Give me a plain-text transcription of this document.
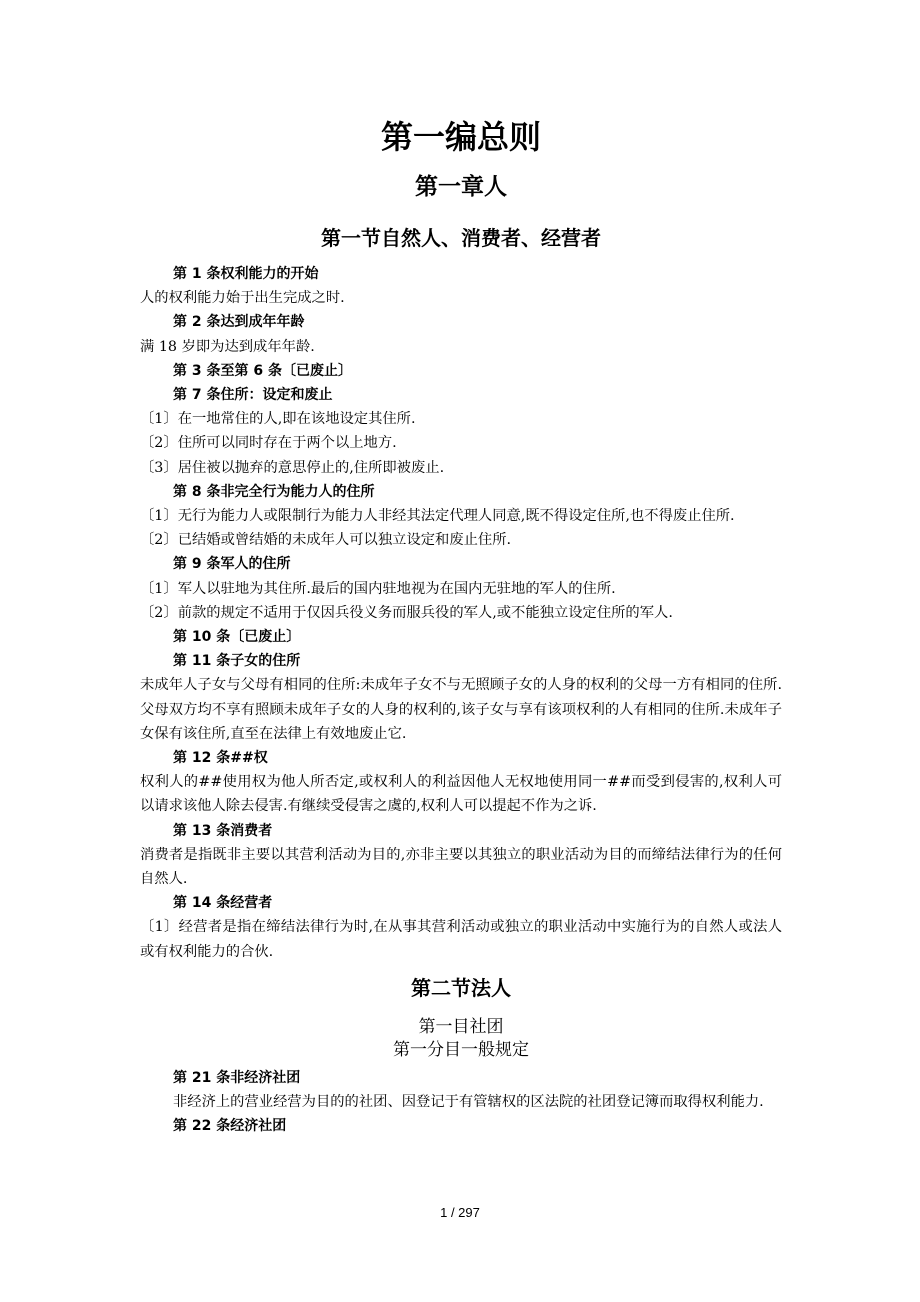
第一编总则
第一章人
第一节自然人、消费者、经营者
第 1 条权利能力的开始

人的权利能力始于出生完成之时.

第 2 条达到成年年龄

满 18 岁即为达到成年年龄.

第 3 条至第 6 条〔已废止〕
第 7 条住所：设定和废止

〔1〕在一地常住的人,即在该地设定其住所.

〔2〕住所可以同时存在于两个以上地方.

〔3〕居住被以抛弃的意思停止的,住所即被废止.

第 8 条非完全行为能力人的住所

〔1〕无行为能力人或限制行为能力人非经其法定代理人同意,既不得设定住所,也不得废止住所.

〔2〕已结婚或曾结婚的未成年人可以独立设定和废止住所.

第 9 条军人的住所

〔1〕军人以驻地为其住所.最后的国内驻地视为在国内无驻地的军人的住所.

〔2〕前款的规定不适用于仅因兵役义务而服兵役的军人,或不能独立设定住所的军人.

第 10 条〔已废止〕
第 11 条子女的住所

未成年人子女与父母有相同的住所:未成年子女不与无照顾子女的人身的权利的父母一方有相同的住所.父母双方均不享有照顾未成年子女的人身的权利的,该子女与享有该项权利的人有相同的住所.未成年子女保有该住所,直至在法律上有效地废止它.

第 12 条##权

权利人的##使用权为他人所否定,或权利人的利益因他人无权地使用同一##而受到侵害的,权利人可以请求该他人除去侵害.有继续受侵害之虞的,权利人可以提起不作为之诉.

第 13 条消费者

消费者是指既非主要以其营利活动为目的,亦非主要以其独立的职业活动为目的而缔结法律行为的任何自然人.

第 14 条经营者

〔1〕经营者是指在缔结法律行为时,在从事其营利活动或独立的职业活动中实施行为的自然人或法人或有权利能力的合伙.

第二节法人
第一目社团
第一分目一般规定
第 21 条非经济社团

非经济上的营业经营为目的的社团、因登记于有管辖权的区法院的社团登记簿而取得权利能力.

第 22 条经济社团
1 / 297
